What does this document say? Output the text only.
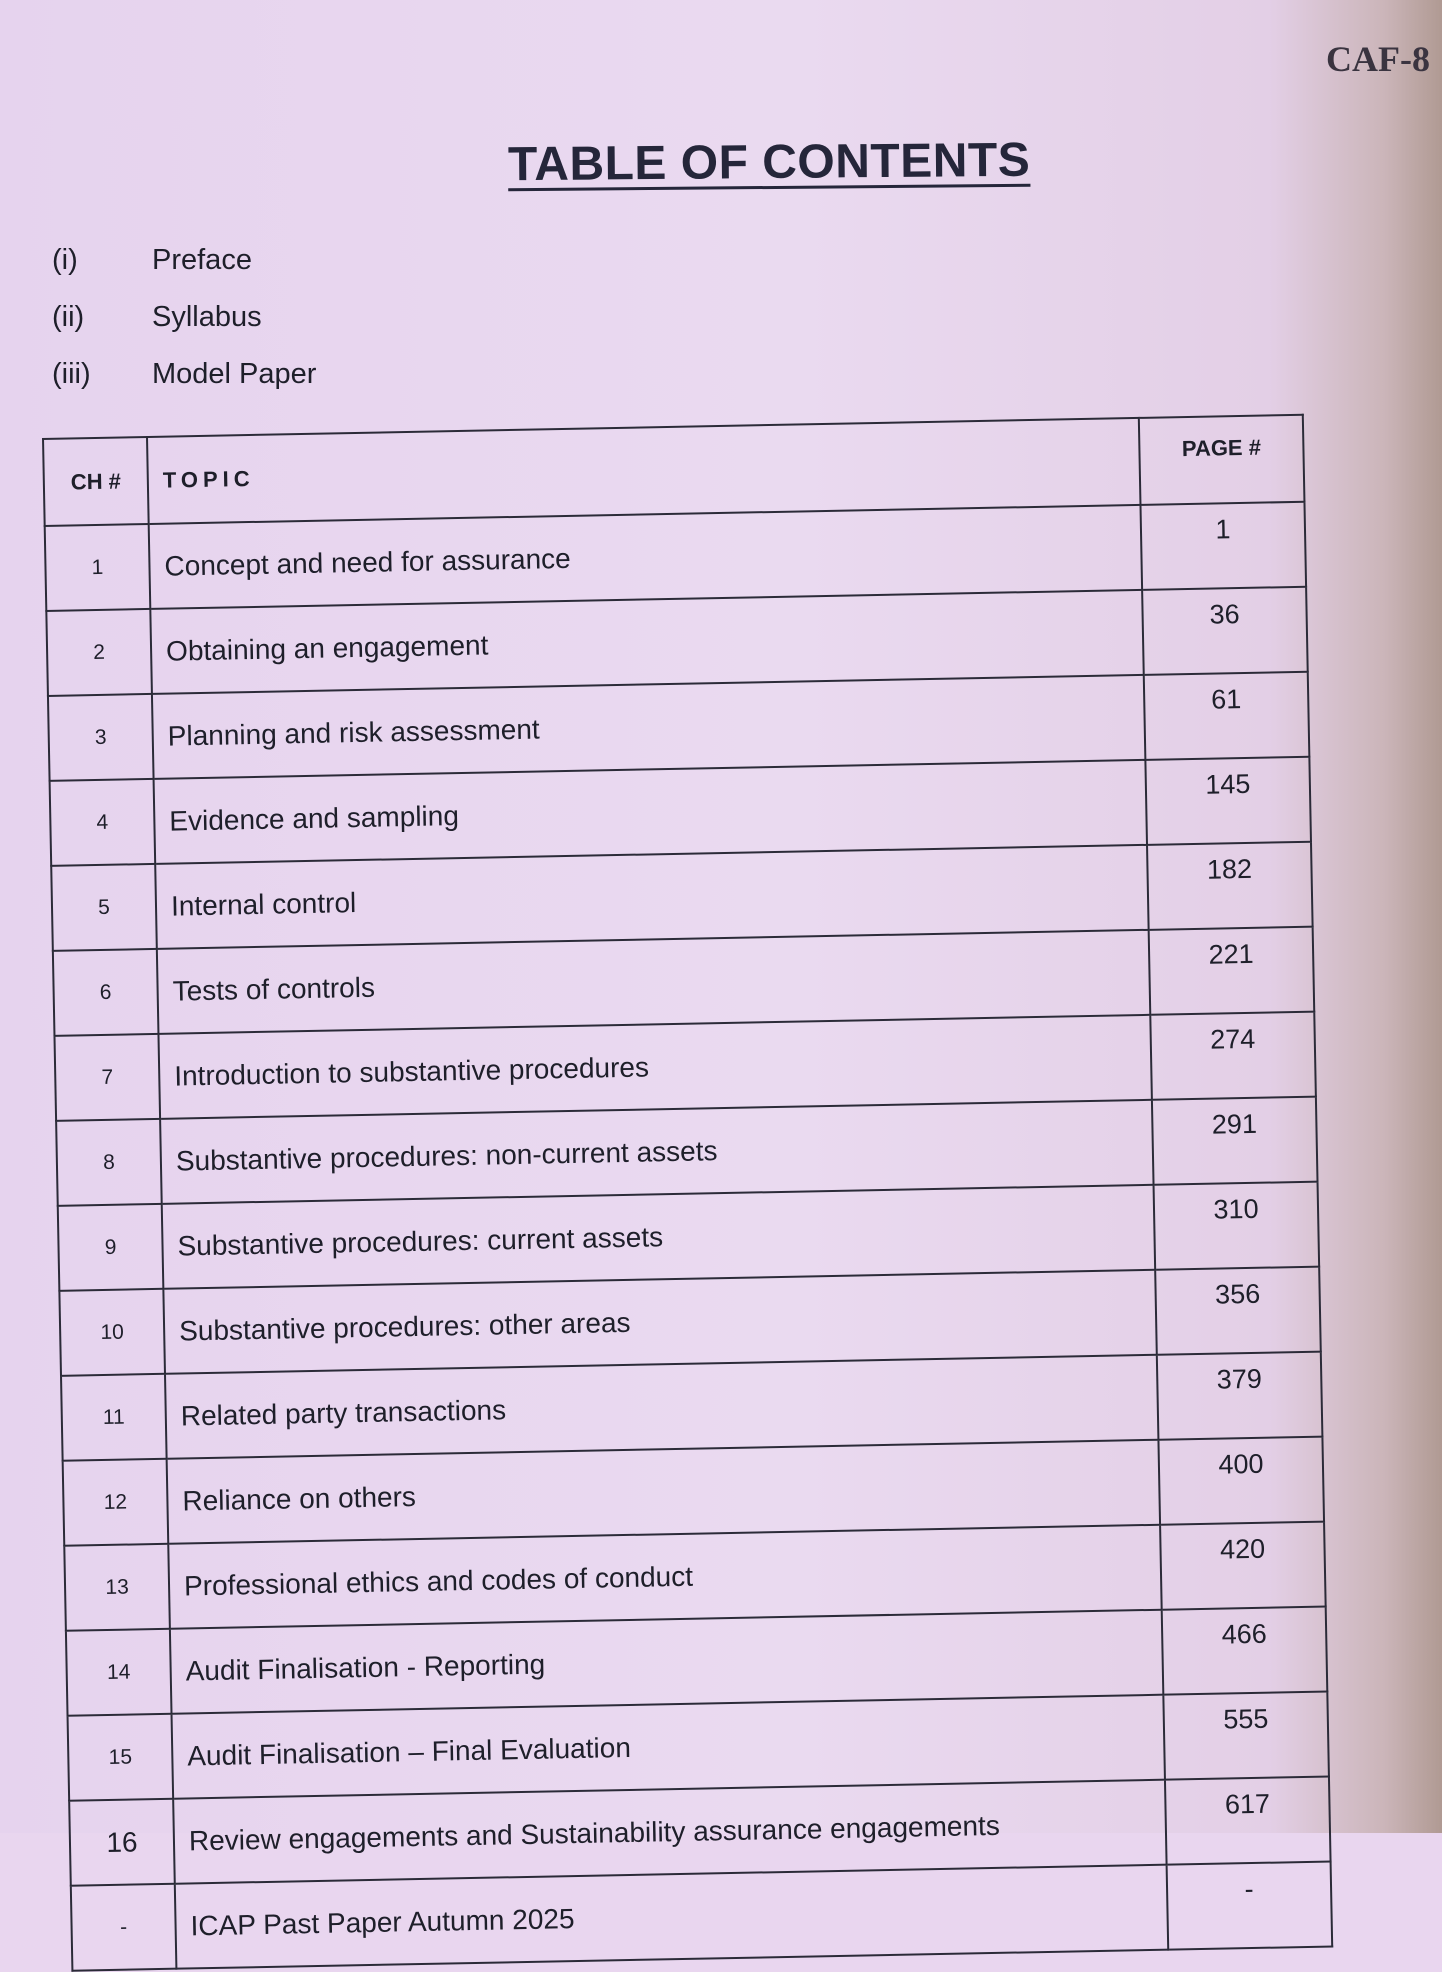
CAF-8
TABLE OF CONTENTS
(i)	Preface
(ii)	Syllabus
(iii)	Model Paper
CH #	TOPIC	PAGE #
1	Concept and need for assurance	1
2	Obtaining an engagement	36
3	Planning and risk assessment	61
4	Evidence and sampling	145
5	Internal control	182
6	Tests of controls	221
7	Introduction to substantive procedures	274
8	Substantive procedures: non-current assets	291
9	Substantive procedures: current assets	310
10	Substantive procedures: other areas	356
11	Related party transactions	379
12	Reliance on others	400
13	Professional ethics and codes of conduct	420
14	Audit Finalisation - Reporting	466
15	Audit Finalisation – Final Evaluation	555
16	Review engagements and Sustainability assurance engagements	617
-	ICAP Past Paper Autumn 2025	-
